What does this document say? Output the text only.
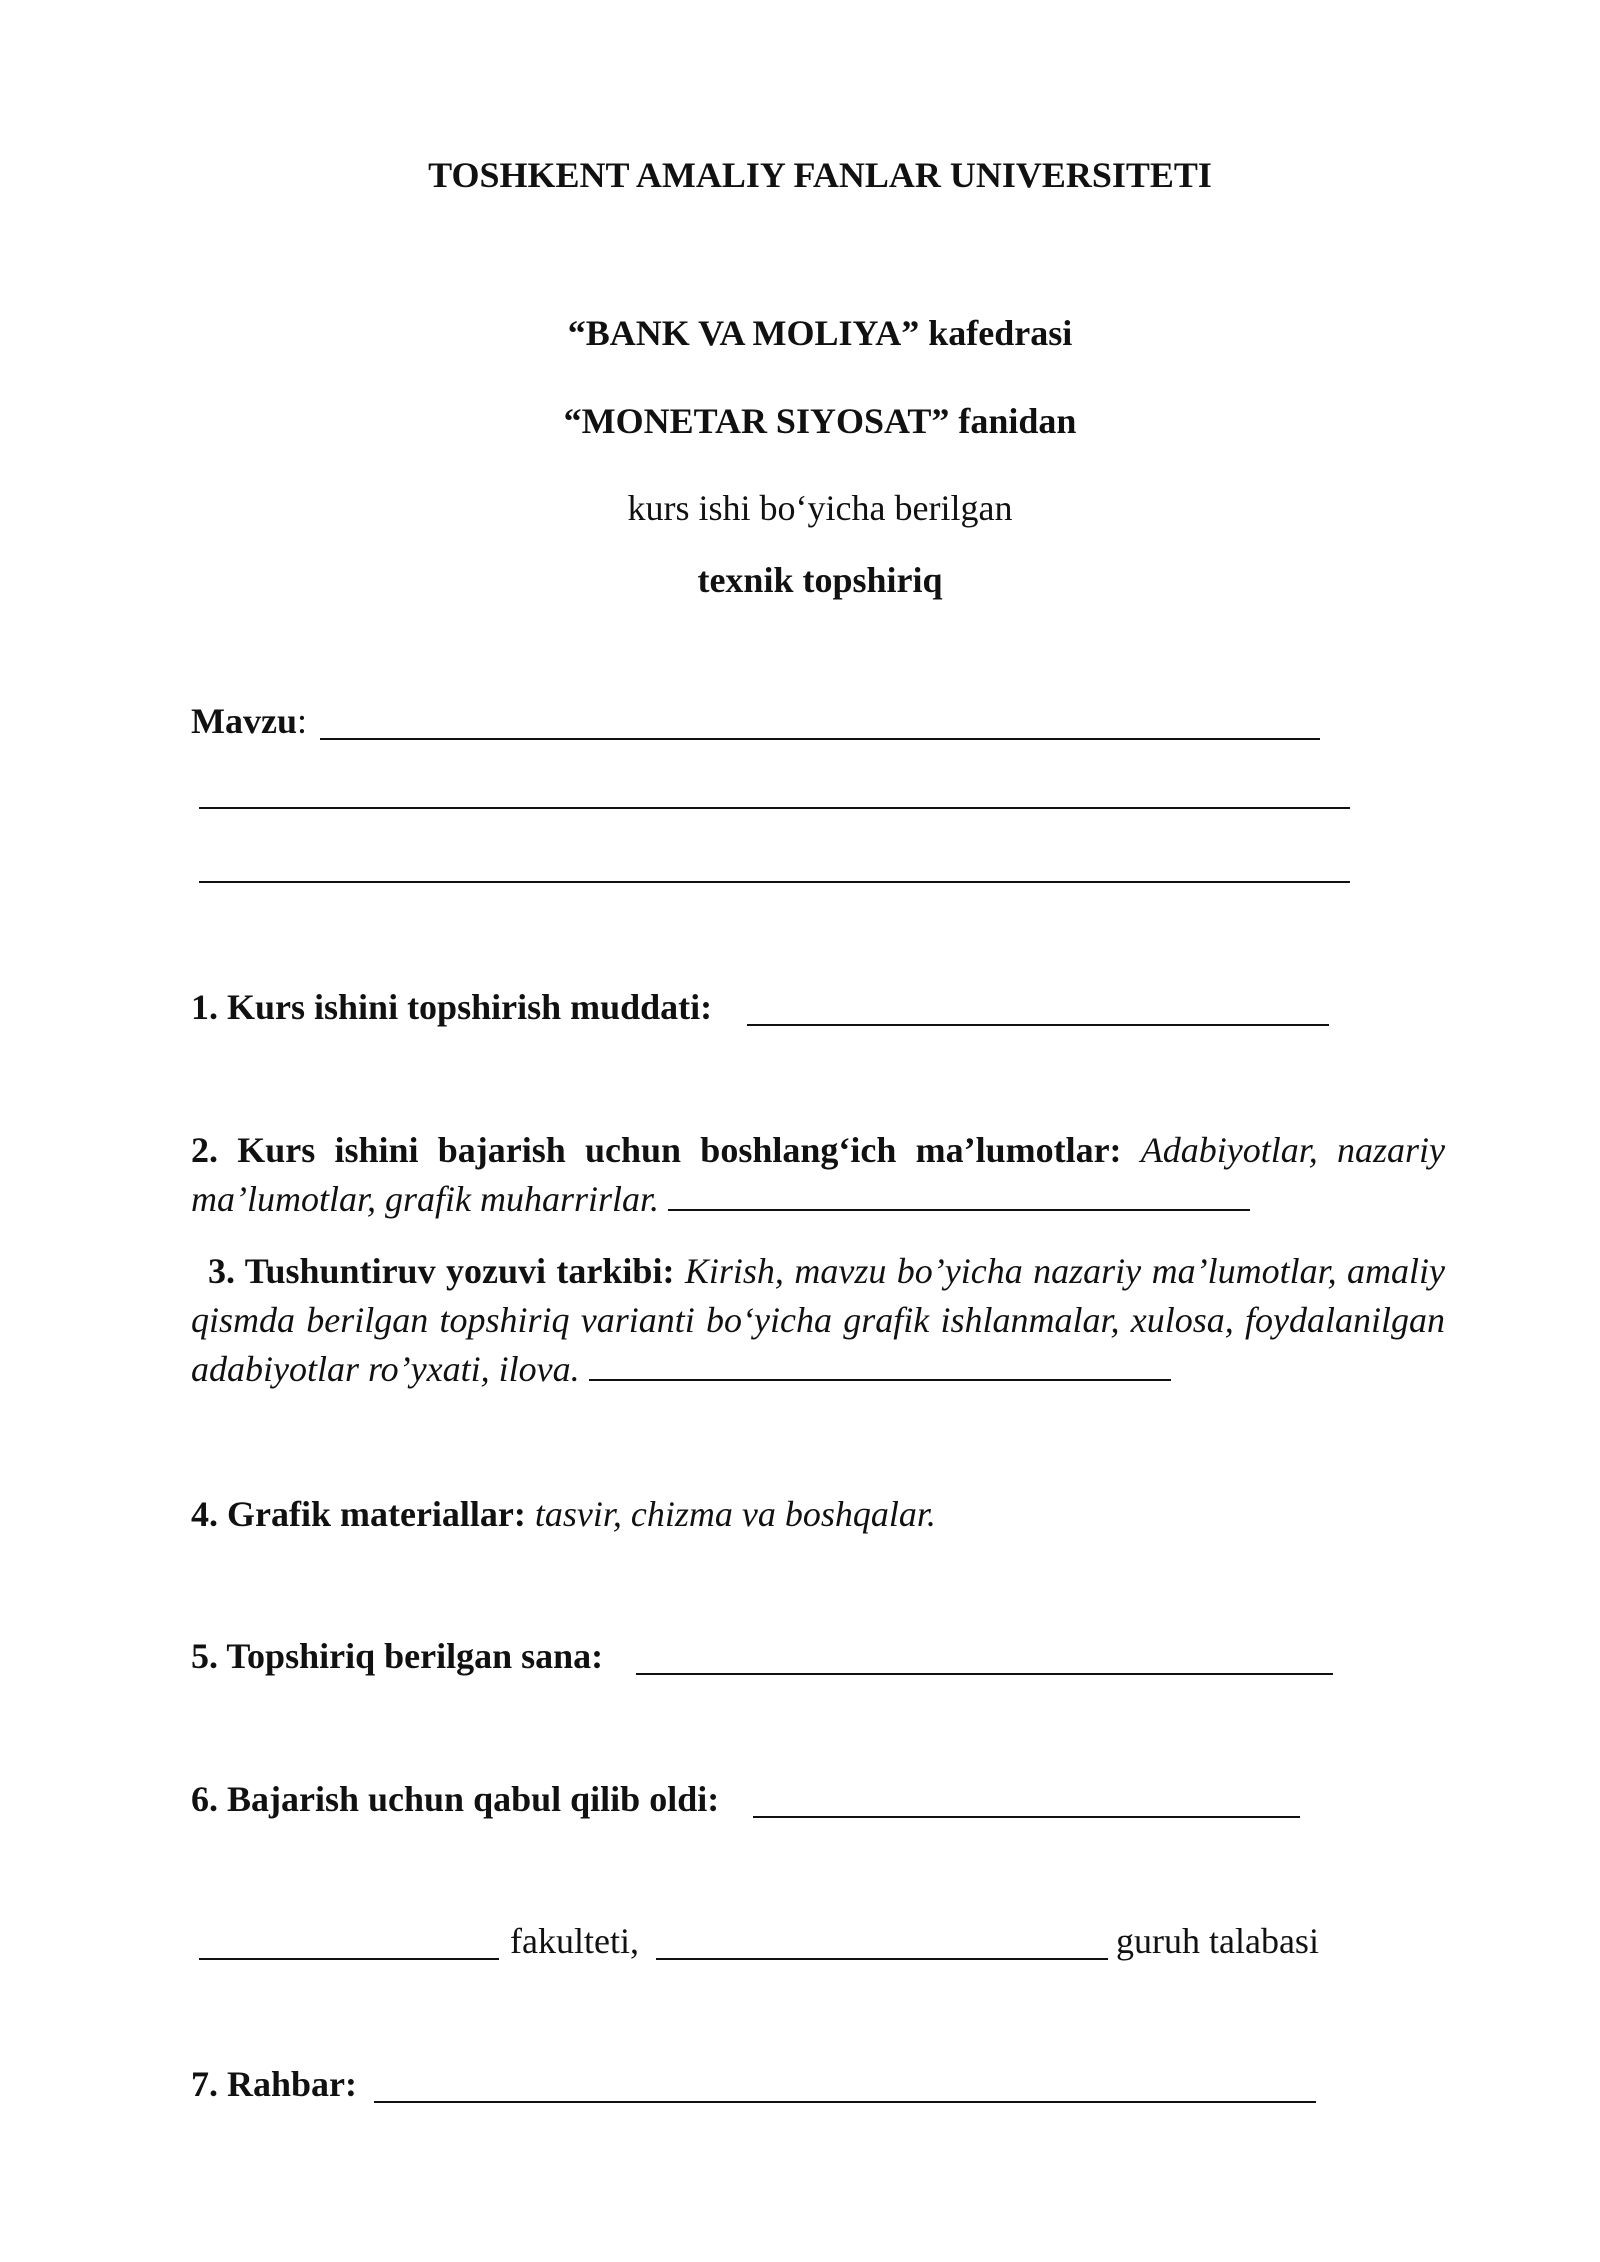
TOSHKENT AMALIY FANLAR UNIVERSITETI
“BANK VA MOLIYA” kafedrasi
“MONETAR SIYOSAT” fanidan
kurs ishi bo‘yicha berilgan
texnik topshiriq
Mavzu:
1. Kurs ishini topshirish muddati:
2. Kurs ishini bajarish uchun boshlang‘ich ma’lumotlar: Adabiyotlar, nazariy ma’lumotlar, grafik muharrirlar.
3. Tushuntiruv yozuvi tarkibi: Kirish, mavzu bo’yicha nazariy ma’lumotlar, amaliy qismda berilgan topshiriq varianti bo‘yicha grafik ishlanmalar, xulosa, foydalanilgan adabiyotlar ro’yxati, ilova.
4. Grafik materiallar: tasvir, chizma va boshqalar.
5. Topshiriq berilgan sana:
6. Bajarish uchun qabul qilib oldi:
fakulteti,	guruh talabasi
7. Rahbar:
